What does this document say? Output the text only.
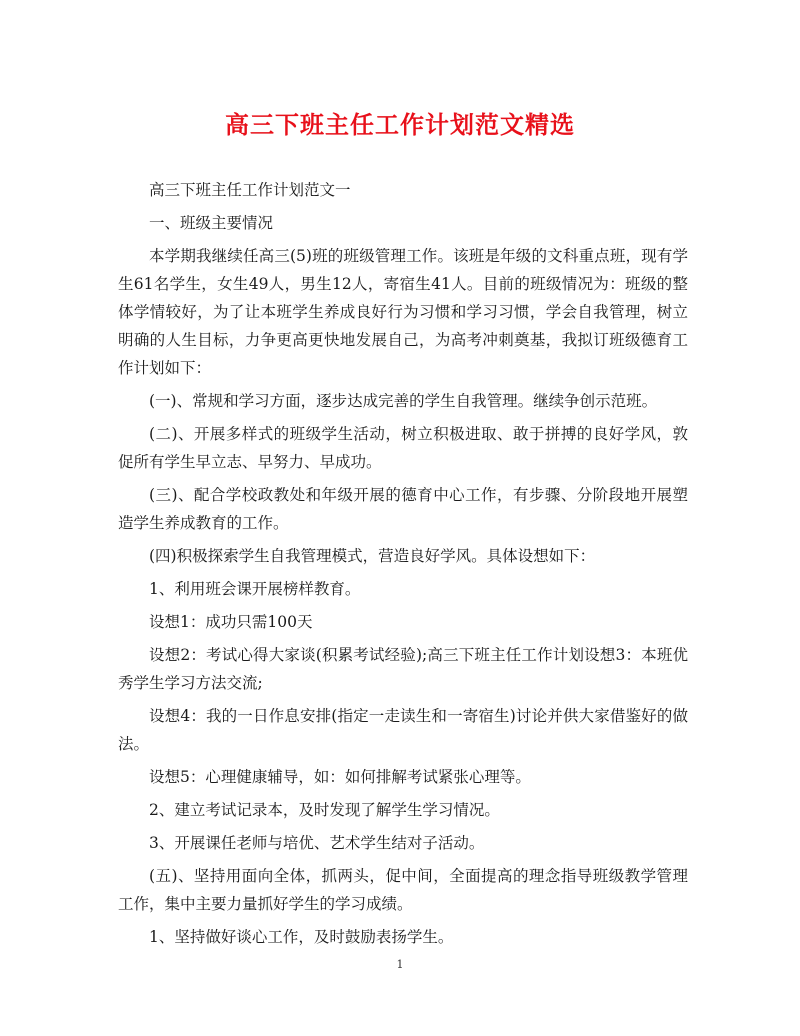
高三下班主任工作计划范文精选

高三下班主任工作计划范文一

一、班级主要情况

本学期我继续任高三(5)班的班级管理工作。该班是年级的文科重点班，现有学生61名学生，女生49人，男生12人，寄宿生41人。目前的班级情况为：班级的整体学情较好，为了让本班学生养成良好行为习惯和学习习惯，学会自我管理，树立明确的人生目标，力争更高更快地发展自己，为高考冲刺奠基，我拟订班级德育工作计划如下：

(一)、常规和学习方面，逐步达成完善的学生自我管理。继续争创示范班。

(二)、开展多样式的班级学生活动，树立积极进取、敢于拼搏的良好学风，敦促所有学生早立志、早努力、早成功。

(三)、配合学校政教处和年级开展的德育中心工作，有步骤、分阶段地开展塑造学生养成教育的工作。

(四)积极探索学生自我管理模式，营造良好学风。具体设想如下：

1、利用班会课开展榜样教育。

设想1：成功只需100天

设想2：考试心得大家谈(积累考试经验);高三下班主任工作计划设想3：本班优秀学生学习方法交流;

设想4：我的一日作息安排(指定一走读生和一寄宿生)讨论并供大家借鉴好的做法。

设想5：心理健康辅导，如：如何排解考试紧张心理等。

2、建立考试记录本，及时发现了解学生学习情况。

3、开展课任老师与培优、艺术学生结对子活动。

(五)、坚持用面向全体，抓两头，促中间，全面提高的理念指导班级教学管理工作，集中主要力量抓好学生的学习成绩。

1、坚持做好谈心工作，及时鼓励表扬学生。

1
